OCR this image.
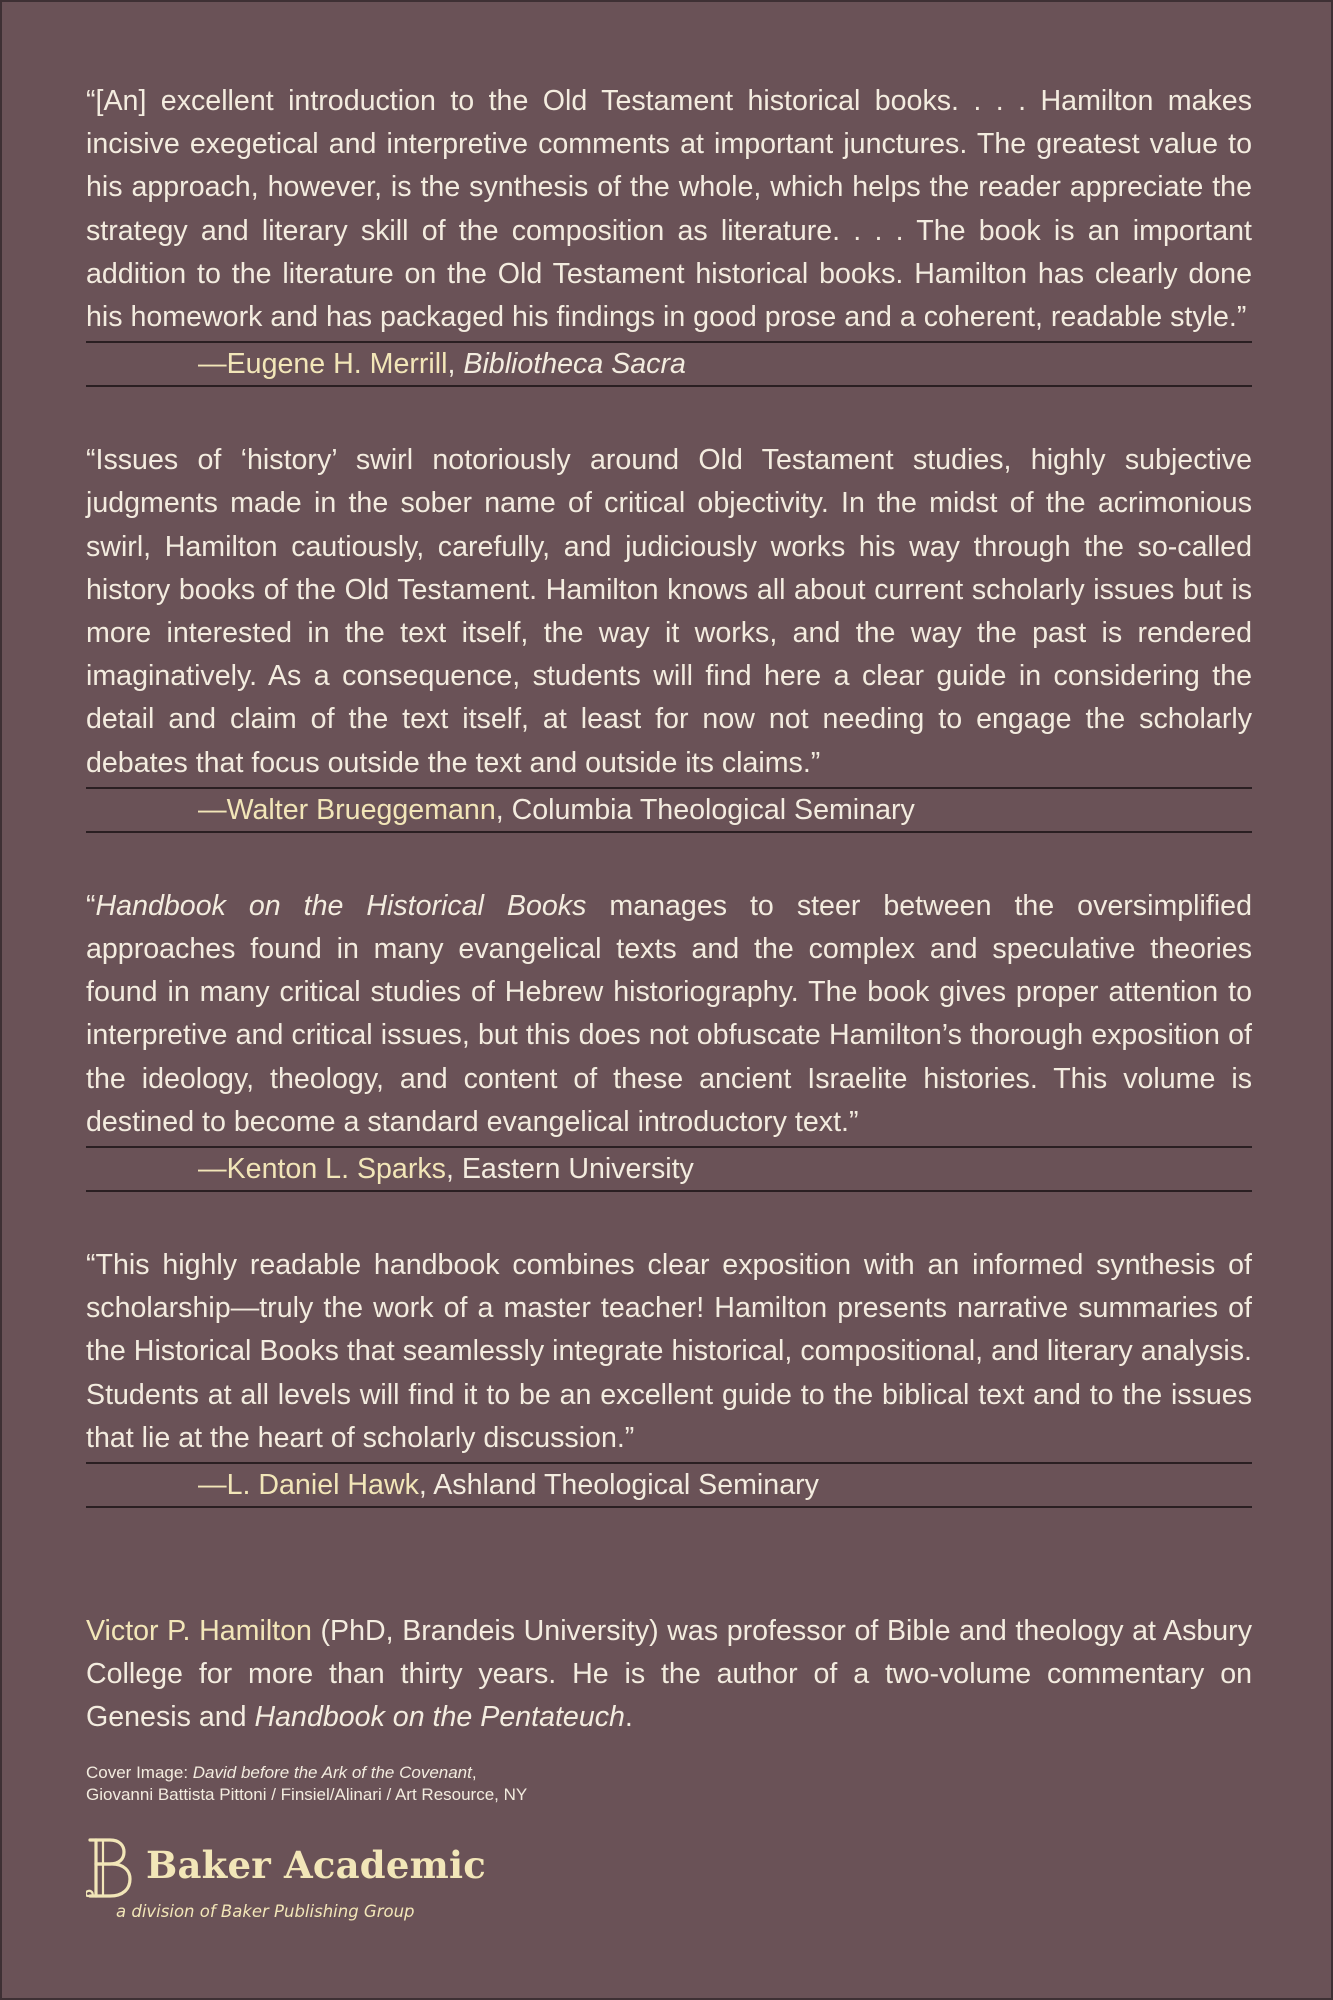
“[An] excellent introduction to the Old Testament historical books. . . . Hamilton makes incisive exegetical and interpretive comments at important junctures. The greatest value to his approach, however, is the synthesis of the whole, which helps the reader appreciate the strategy and literary skill of the composition as literature. . . . The book is an important addition to the literature on the Old Testament historical books. Hamilton has clearly done his homework and has packaged his findings in good prose and a coherent, readable style.”

—Eugene H. Merrill, Bibliotheca Sacra

“Issues of ‘history’ swirl notoriously around Old Testament studies, highly subjective judgments made in the sober name of critical objectivity. In the midst of the acrimonious swirl, Hamilton cautiously, carefully, and judiciously works his way through the so-called history books of the Old Testament. Hamilton knows all about current scholarly issues but is more interested in the text itself, the way it works, and the way the past is rendered imaginatively. As a consequence, students will find here a clear guide in considering the detail and claim of the text itself, at least for now not needing to engage the scholarly debates that focus outside the text and outside its claims.”

—Walter Brueggemann, Columbia Theological Seminary

“Handbook on the Historical Books manages to steer between the oversimplified approaches found in many evangelical texts and the complex and speculative theories found in many critical studies of Hebrew historiography. The book gives proper attention to interpretive and critical issues, but this does not obfuscate Hamilton’s thorough exposition of the ideology, theology, and content of these ancient Israelite histories. This volume is destined to become a standard evangelical introductory text.”

—Kenton L. Sparks, Eastern University

“This highly readable handbook combines clear exposition with an informed synthesis of scholarship—truly the work of a master teacher! Hamilton presents narrative summaries of the Historical Books that seamlessly integrate historical, compositional, and literary analysis. Students at all levels will find it to be an excellent guide to the biblical text and to the issues that lie at the heart of scholarly discussion.”

—L. Daniel Hawk, Ashland Theological Seminary
Victor P. Hamilton (PhD, Brandeis University) was professor of Bible and theology at Asbury College for more than thirty years. He is the author of a two-volume commentary on Genesis and Handbook on the Pentateuch.
Cover Image: David before the Ark of the Covenant,
Giovanni Battista Pittoni / Finsiel/Alinari / Art Resource, NY
Baker Academic
a division of Baker Publishing Group
